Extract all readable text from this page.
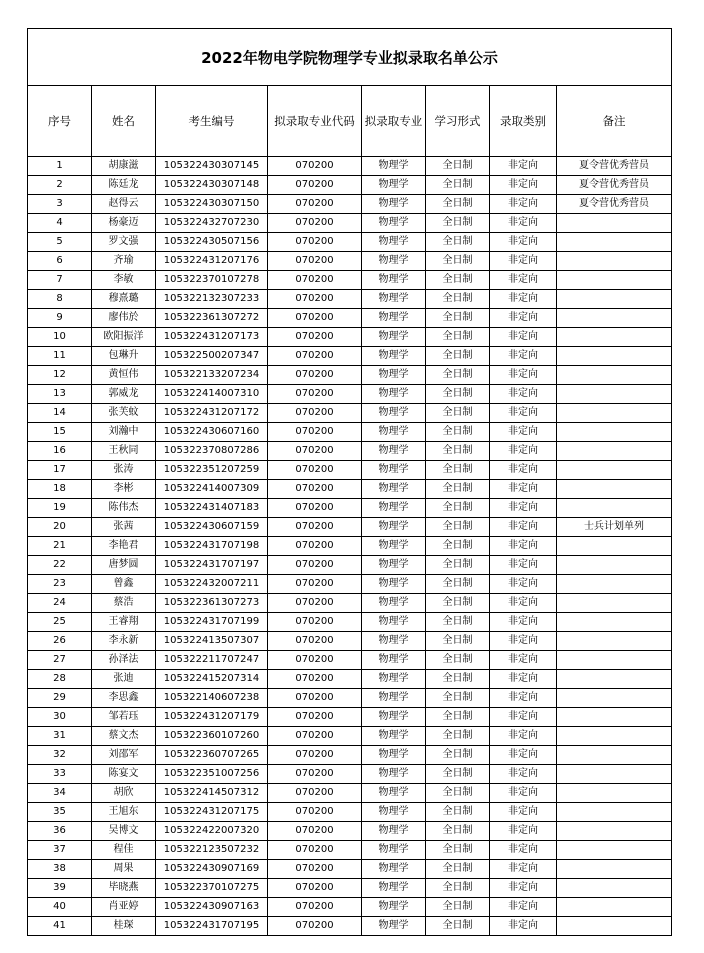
2022年物电学院物理学专业拟录取名单公示							
序号	姓名	考生编号	拟录取专业代码	拟录取专业	学习形式	录取类别	备注
1	胡康滋	105322430307145	070200	物理学	全日制	非定向	夏令营优秀营员
2	陈廷龙	105322430307148	070200	物理学	全日制	非定向	夏令营优秀营员
3	赵得云	105322430307150	070200	物理学	全日制	非定向	夏令营优秀营员
4	杨豪迈	105322432707230	070200	物理学	全日制	非定向	
5	罗文强	105322430507156	070200	物理学	全日制	非定向	
6	齐瑜	105322431207176	070200	物理学	全日制	非定向	
7	李敏	105322370107278	070200	物理学	全日制	非定向	
8	穆熹璐	105322132307233	070200	物理学	全日制	非定向	
9	廖伟於	105322361307272	070200	物理学	全日制	非定向	
10	欧阳振洋	105322431207173	070200	物理学	全日制	非定向	
11	包琳升	105322500207347	070200	物理学	全日制	非定向	
12	黄恒伟	105322133207234	070200	物理学	全日制	非定向	
13	郭威龙	105322414007310	070200	物理学	全日制	非定向	
14	张芙蚊	105322431207172	070200	物理学	全日制	非定向	
15	刘瀚中	105322430607160	070200	物理学	全日制	非定向	
16	王秋同	105322370807286	070200	物理学	全日制	非定向	
17	张涛	105322351207259	070200	物理学	全日制	非定向	
18	李彬	105322414007309	070200	物理学	全日制	非定向	
19	陈伟杰	105322431407183	070200	物理学	全日制	非定向	
20	张茜	105322430607159	070200	物理学	全日制	非定向	士兵计划单列
21	李艳君	105322431707198	070200	物理学	全日制	非定向	
22	唐梦圆	105322431707197	070200	物理学	全日制	非定向	
23	曾鑫	105322432007211	070200	物理学	全日制	非定向	
24	蔡浩	105322361307273	070200	物理学	全日制	非定向	
25	王睿翔	105322431707199	070200	物理学	全日制	非定向	
26	李永新	105322413507307	070200	物理学	全日制	非定向	
27	孙泽法	105322211707247	070200	物理学	全日制	非定向	
28	张迪	105322415207314	070200	物理学	全日制	非定向	
29	李思鑫	105322140607238	070200	物理学	全日制	非定向	
30	邹若珏	105322431207179	070200	物理学	全日制	非定向	
31	蔡文杰	105322360107260	070200	物理学	全日制	非定向	
32	刘邵军	105322360707265	070200	物理学	全日制	非定向	
33	陈宴文	105322351007256	070200	物理学	全日制	非定向	
34	胡欣	105322414507312	070200	物理学	全日制	非定向	
35	王旭东	105322431207175	070200	物理学	全日制	非定向	
36	吴博文	105322422007320	070200	物理学	全日制	非定向	
37	程佳	105322123507232	070200	物理学	全日制	非定向	
38	周果	105322430907169	070200	物理学	全日制	非定向	
39	毕晓燕	105322370107275	070200	物理学	全日制	非定向	
40	肖亚婷	105322430907163	070200	物理学	全日制	非定向	
41	桂琛	105322431707195	070200	物理学	全日制	非定向	
